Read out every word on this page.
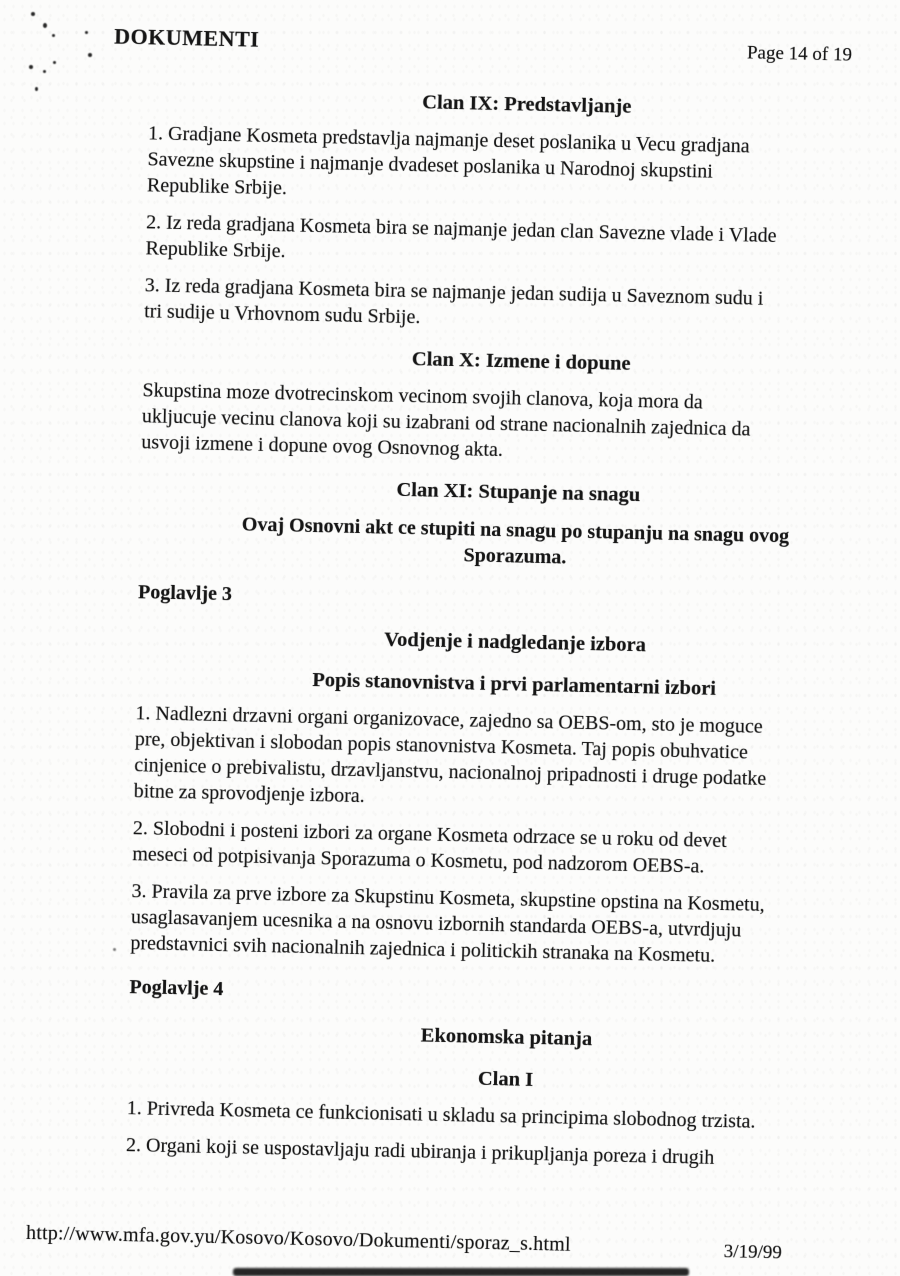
DOKUMENTI
Page 14 of 19
Clan IX: Predstavljanje

1. Gradjane Kosmeta predstavlja najmanje deset poslanika u Vecu gradjana
Savezne skupstine i najmanje dvadeset poslanika u Narodnoj skupstini
Republike Srbije.

2. Iz reda gradjana Kosmeta bira se najmanje jedan clan Savezne vlade i Vlade
Republike Srbije.

3. Iz reda gradjana Kosmeta bira se najmanje jedan sudija u Saveznom sudu i
tri sudije u Vrhovnom sudu Srbije.

Clan X: Izmene i dopune

Skupstina moze dvotrecinskom vecinom svojih clanova, koja mora da
ukljucuje vecinu clanova koji su izabrani od strane nacionalnih zajednica da
usvoji izmene i dopune ovog Osnovnog akta.

Clan XI: Stupanje na snagu

Ovaj Osnovni akt ce stupiti na snagu po stupanju na snagu ovog
Sporazuma.

Poglavlje 3

Vodjenje i nadgledanje izbora
Popis stanovnistva i prvi parlamentarni izbori

1. Nadlezni drzavni organi organizovace, zajedno sa OEBS-om, sto je moguce
pre, objektivan i slobodan popis stanovnistva Kosmeta. Taj popis obuhvatice
cinjenice o prebivalistu, drzavljanstvu, nacionalnoj pripadnosti i druge podatke
bitne za sprovodjenje izbora.

2. Slobodni i posteni izbori za organe Kosmeta odrzace se u roku od devet
meseci od potpisivanja Sporazuma o Kosmetu, pod nadzorom OEBS-a.

3. Pravila za prve izbore za Skupstinu Kosmeta, skupstine opstina na Kosmetu,
usaglasavanjem ucesnika a na osnovu izbornih standarda OEBS-a, utvrdjuju
predstavnici svih nacionalnih zajednica i politickih stranaka na Kosmetu.

Poglavlje 4

Ekonomska pitanja
Clan I

1. Privreda Kosmeta ce funkcionisati u skladu sa principima slobodnog trzista.

2. Organi koji se uspostavljaju radi ubiranja i prikupljanja poreza i drugih

http://www.mfa.gov.yu/Kosovo/Kosovo/Dokumenti/sporaz_s.html	3/19/99
